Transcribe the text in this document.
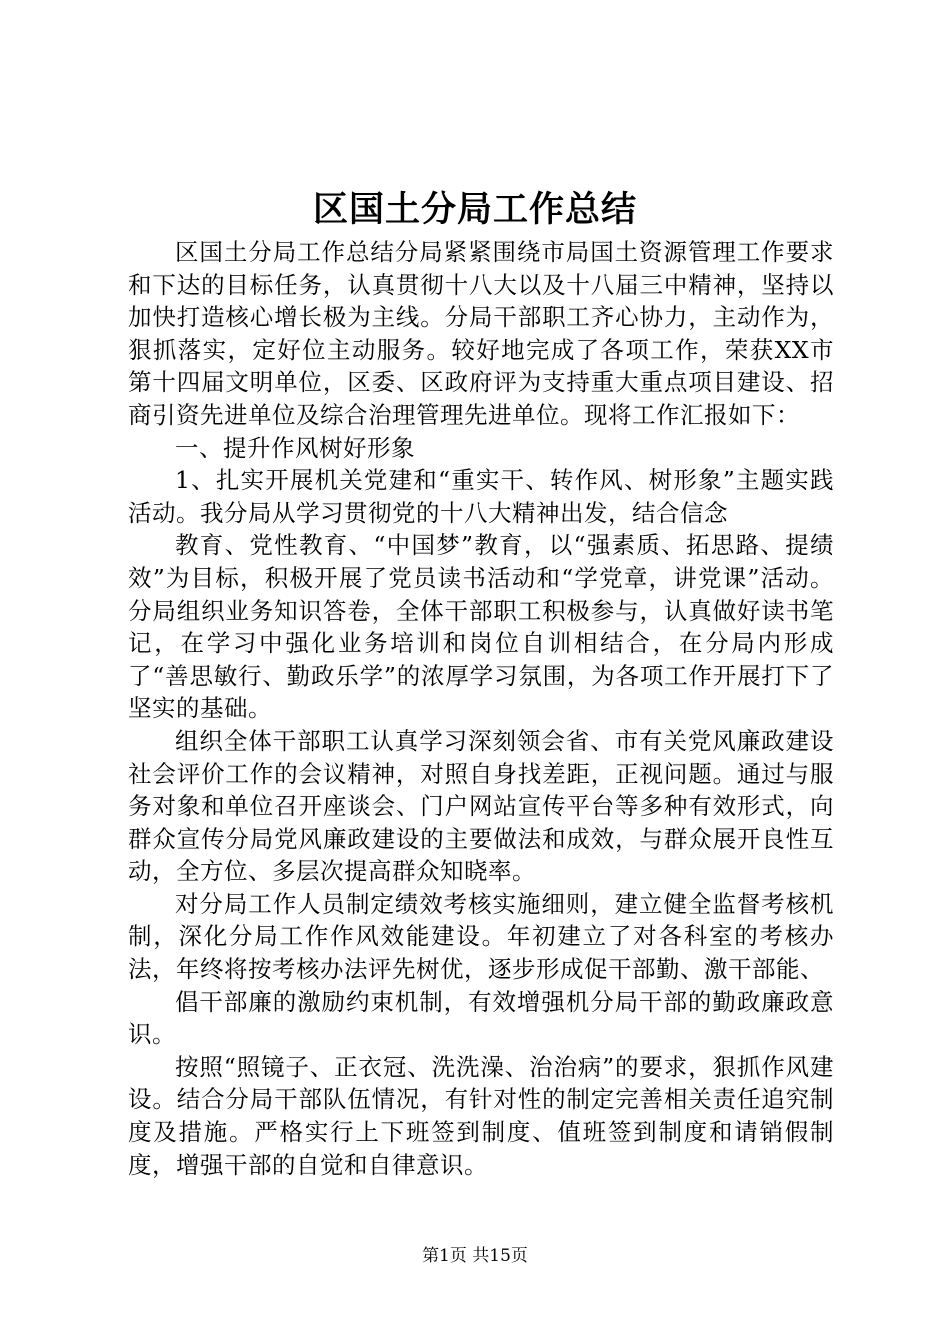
区国土分局工作总结

区国土分局工作总结分局紧紧围绕市局国土资源管理工作要求和下达的目标任务，认真贯彻十八大以及十八届三中精神，坚持以加快打造核心增长极为主线。分局干部职工齐心协力，主动作为，狠抓落实，定好位主动服务。较好地完成了各项工作，荣获XX市第十四届文明单位，区委、区政府评为支持重大重点项目建设、招商引资先进单位及综合治理管理先进单位。现将工作汇报如下：

一、提升作风树好形象

1、扎实开展机关党建和“重实干、转作风、树形象”主题实践活动。我分局从学习贯彻党的十八大精神出发，结合信念

教育、党性教育、“中国梦”教育，以“强素质、拓思路、提绩效”为目标，积极开展了党员读书活动和“学党章，讲党课”活动。分局组织业务知识答卷，全体干部职工积极参与，认真做好读书笔记，在学习中强化业务培训和岗位自训相结合，在分局内形成了“善思敏行、勤政乐学”的浓厚学习氛围，为各项工作开展打下了坚实的基础。

组织全体干部职工认真学习深刻领会省、市有关党风廉政建设社会评价工作的会议精神，对照自身找差距，正视问题。通过与服务对象和单位召开座谈会、门户网站宣传平台等多种有效形式，向群众宣传分局党风廉政建设的主要做法和成效，与群众展开良性互动，全方位、多层次提高群众知晓率。

对分局工作人员制定绩效考核实施细则，建立健全监督考核机制，深化分局工作作风效能建设。年初建立了对各科室的考核办法，年终将按考核办法评先树优，逐步形成促干部勤、激干部能、

倡干部廉的激励约束机制，有效增强机分局干部的勤政廉政意识。

按照“照镜子、正衣冠、洗洗澡、治治病”的要求，狠抓作风建设。结合分局干部队伍情况，有针对性的制定完善相关责任追究制度及措施。严格实行上下班签到制度、值班签到制度和请销假制度，增强干部的自觉和自律意识。

第1页 共15页
